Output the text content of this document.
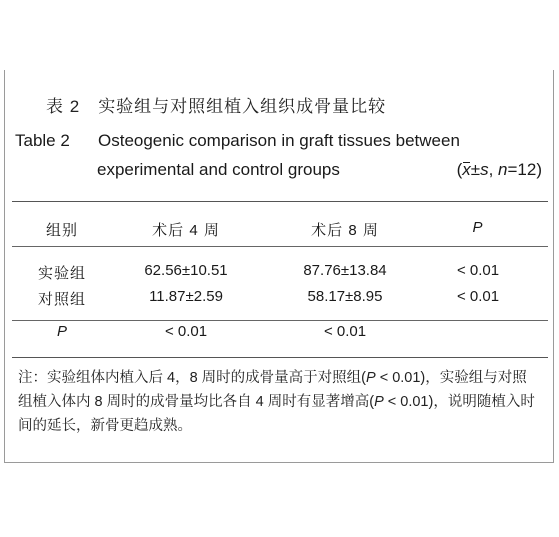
表 2 实验组与对照组植入组织成骨量比较
Table 2 Osteogenic comparison in graft tissues between
experimental and control groups	(x±s, n=12)
组别	术后 4 周	术后 8 周	P
实验组	62.56±10.51	87.76±13.84	< 0.01
对照组	11.87±2.59	58.17±8.95	< 0.01
P	< 0.01	< 0.01
注：实验组体内植入后 4，8 周时的成骨量高于对照组(P < 0.01)，实验组与对照组植入体内 8 周时的成骨量均比各自 4 周时有显著增高(P < 0.01)，说明随植入时间的延长，新骨更趋成熟。
